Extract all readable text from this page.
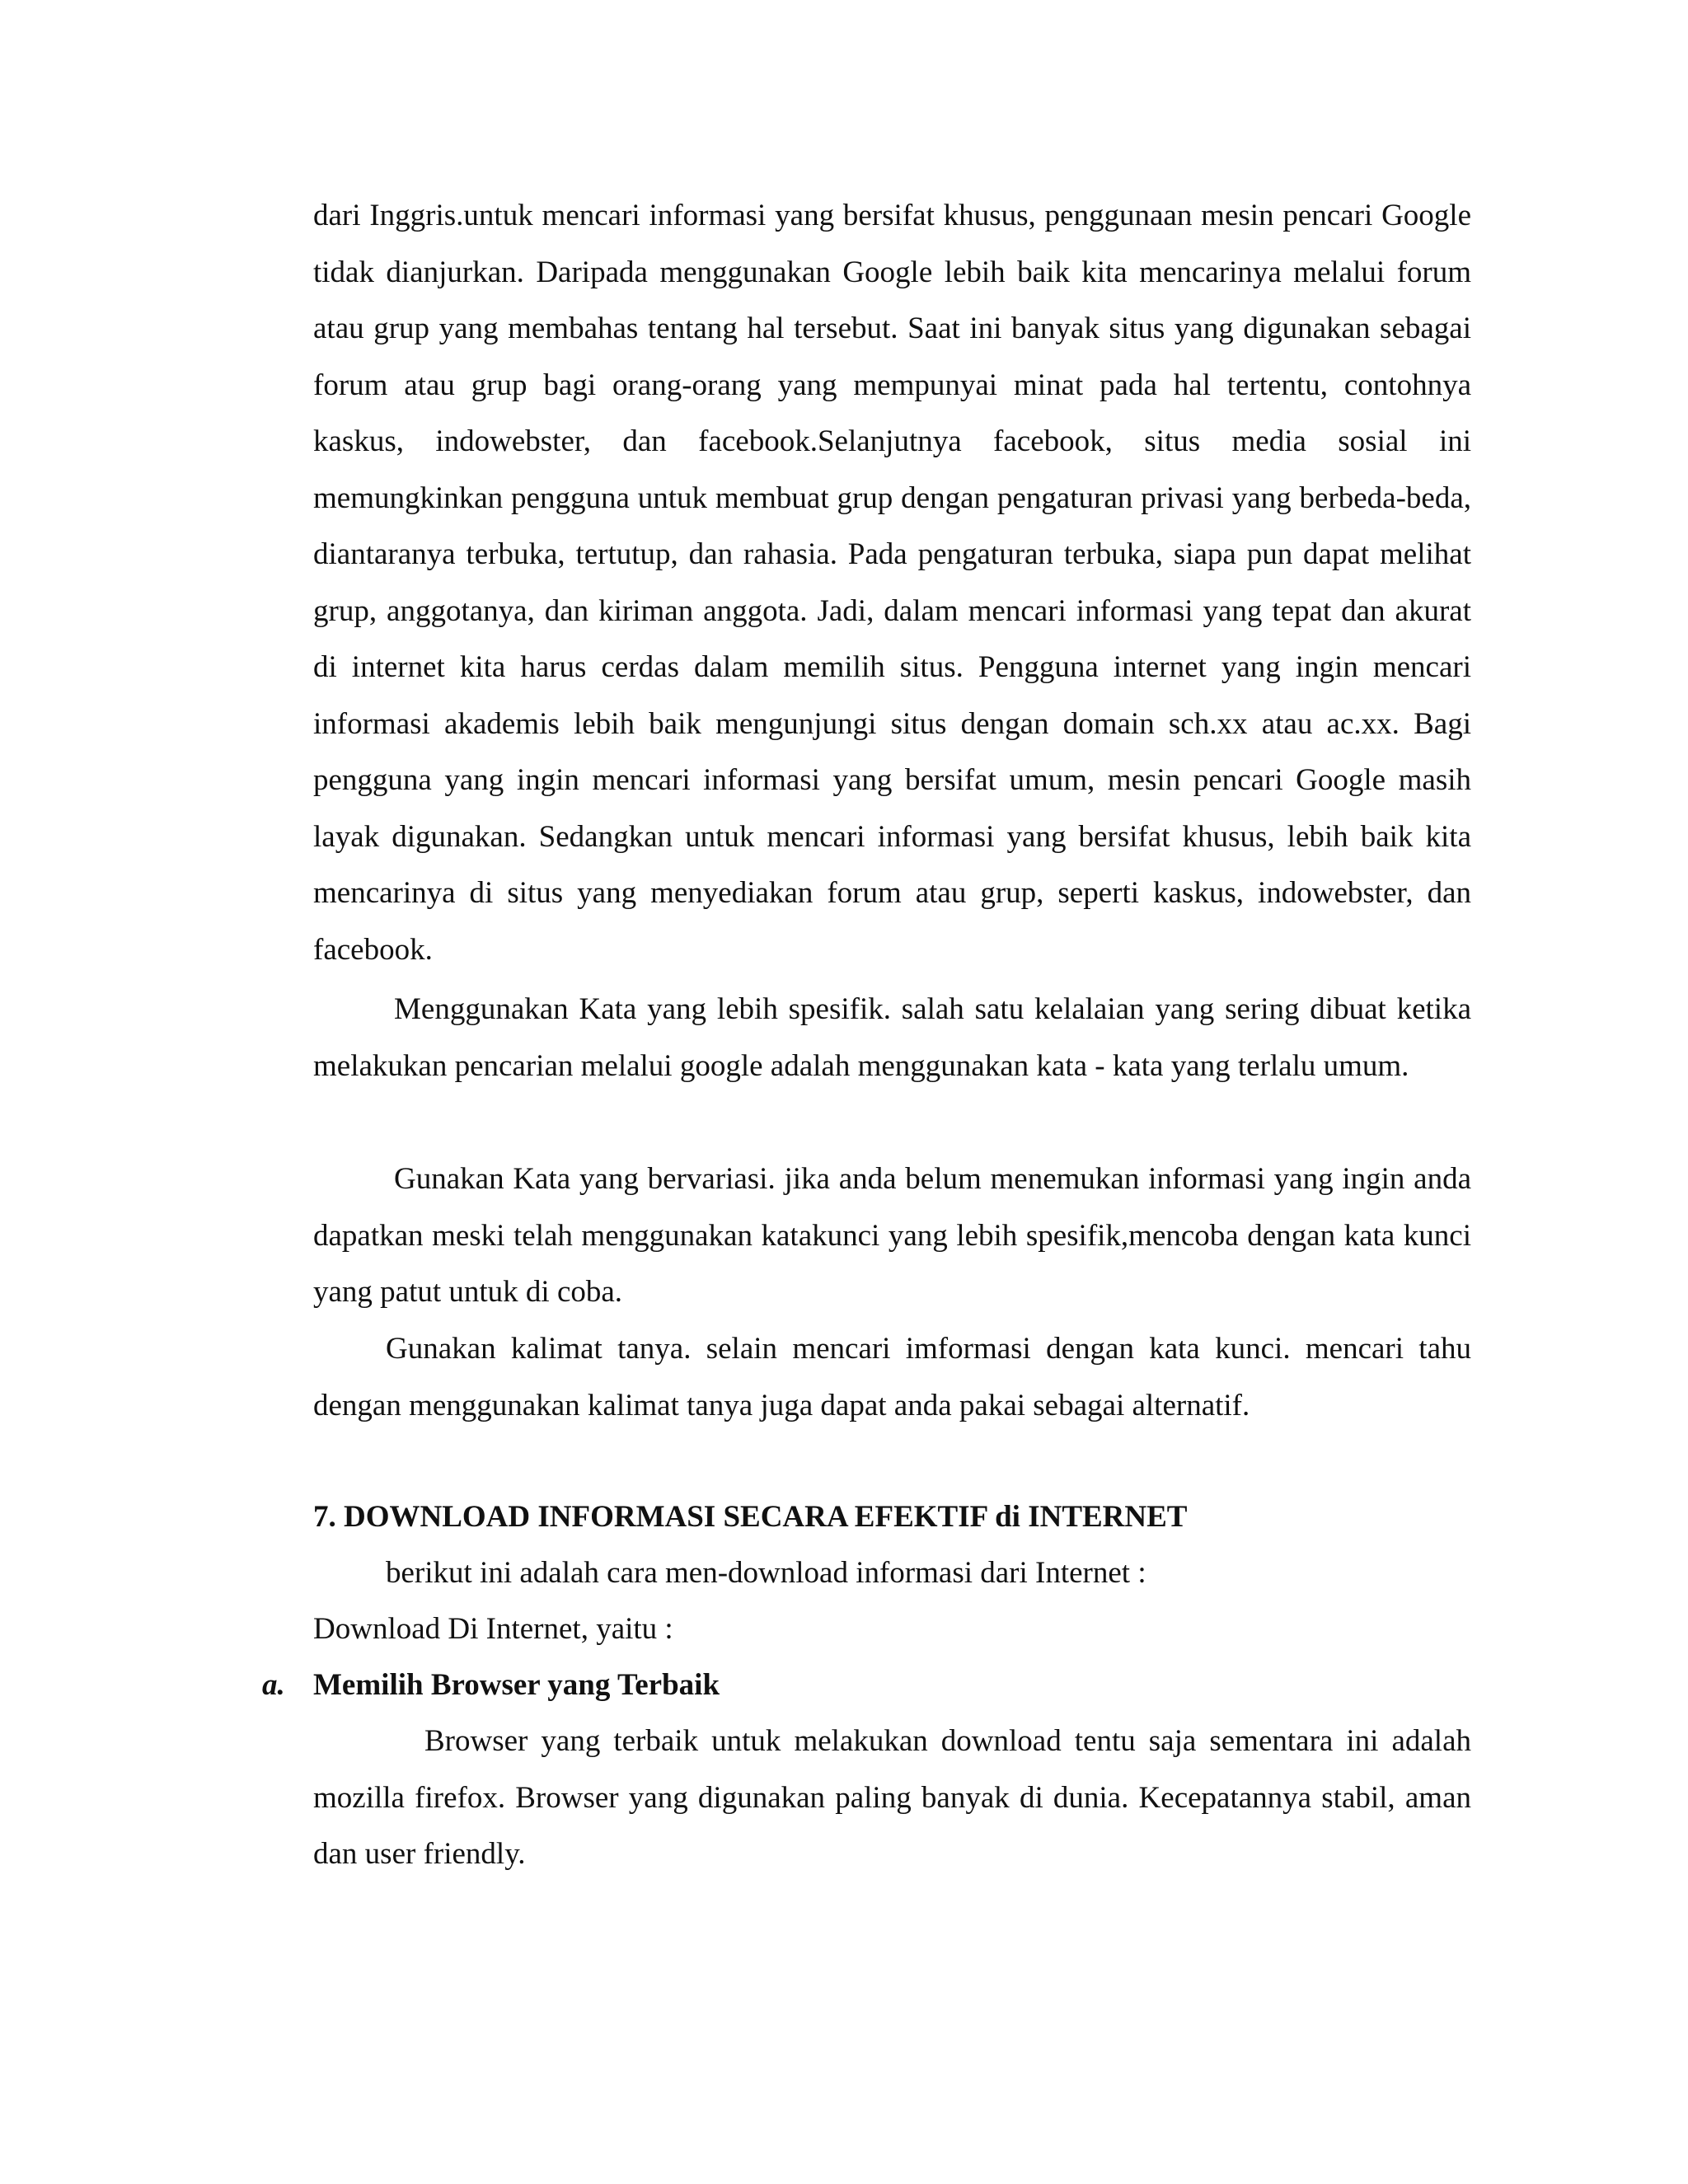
dari Inggris.untuk mencari informasi yang bersifat khusus, penggunaan mesin pencari Google tidak dianjurkan. Daripada menggunakan Google lebih baik kita mencarinya melalui forum atau grup yang membahas tentang hal tersebut. Saat ini banyak situs yang digunakan sebagai forum atau grup bagi orang-orang yang mempunyai minat pada hal tertentu, contohnya kaskus, indowebster, dan facebook.Selanjutnya facebook, situs media sosial ini memungkinkan pengguna untuk membuat grup dengan pengaturan privasi yang berbeda-beda, diantaranya terbuka, tertutup, dan rahasia. Pada pengaturan terbuka, siapa pun dapat melihat grup, anggotanya, dan kiriman anggota. Jadi, dalam mencari informasi yang tepat dan akurat di internet kita harus cerdas dalam memilih situs. Pengguna internet yang ingin mencari informasi akademis lebih baik mengunjungi situs dengan domain sch.xx atau ac.xx. Bagi pengguna yang ingin mencari informasi yang bersifat umum, mesin pencari Google masih layak digunakan. Sedangkan untuk mencari informasi yang bersifat khusus, lebih baik kita mencarinya di situs yang menyediakan forum atau grup, seperti kaskus, indowebster, dan facebook.

Menggunakan Kata yang lebih spesifik. salah satu kelalaian yang sering dibuat ketika melakukan pencarian melalui google adalah menggunakan kata - kata yang terlalu umum.

Gunakan Kata yang bervariasi. jika anda belum menemukan informasi yang ingin anda dapatkan meski telah menggunakan katakunci yang lebih spesifik,mencoba dengan kata kunci yang patut untuk di coba.

Gunakan kalimat tanya. selain mencari imformasi dengan kata kunci. mencari tahu dengan menggunakan kalimat tanya juga dapat anda pakai sebagai alternatif.

7. DOWNLOAD INFORMASI SECARA EFEKTIF di INTERNET

berikut ini adalah cara men-download informasi dari Internet :

Download Di Internet, yaitu :

a. Memilih Browser yang Terbaik

Browser yang terbaik untuk melakukan download tentu saja sementara ini adalah mozilla firefox. Browser yang digunakan paling banyak di dunia. Kecepatannya stabil, aman dan user friendly.
